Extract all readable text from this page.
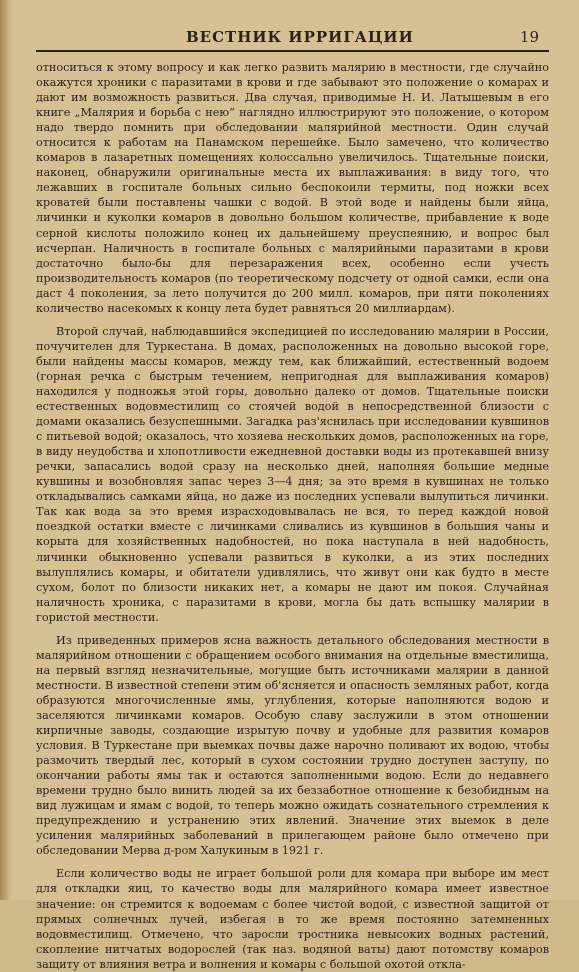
ВЕСТНИК ИРРИГАЦИИ	19

относиться к этому вопросу и как легко развить малярию в местности, где случайно окажутся хроники с паразитами в крови и где забывают это положение о комарах и дают им возможность развиться. Два случая, приводимые Н. И. Латышевым в его книге „Малярия и борьба с нею“ наглядно иллюстрируют это положение, о котором надо твердо помнить при обследовании малярийной местности. Один случай относится к работам на Панамском перешейке. Было замечено, что количество комаров в лазаретных помещениях колоссально увеличилось. Тщательные поиски, наконец, обнаружили оригинальные места их выплаживания: в виду того, что лежавших в госпитале больных сильно беспокоили термиты, под ножки всех кроватей были поставлены чашки с водой. В этой воде и найдены были яйца, личинки и куколки комаров в довольно большом количестве, прибавление к воде серной кислоты положило конец их дальнейшему преуспеянию, и вопрос был исчерпан. Наличность в госпитале больных с малярийными паразитами в крови достаточно было-бы для перезаражения всех, особенно если учесть производительность комаров (по теоретическому подсчету от одной самки, если она даст 4 поколения, за лето получится до 200 милл. комаров, при пяти поколениях количество насекомых к концу лета будет равняться 20 миллиардам).

Второй случай, наблюдавшийся экспедицией по исследованию малярии в России, почучителен для Туркестана. В домах, расположенных на довольно высокой горе, были найдены массы комаров, между тем, как ближайший, естественный водоем (горная речка с быстрым течением, непригодная для выплаживания комаров) находился у подножья этой горы, довольно далеко от домов. Тщательные поиски естественных водовместилищ со стоячей водой в непосредственной близости с домами оказались безуспешными. Загадка раз'яснилась при исследовании кувшинов с питьевой водой; оказалось, что хозяева нескольких домов, расположенных на горе, в виду неудобства и хлопотливости ежедневной доставки воды из протекавшей внизу речки, запасались водой сразу на несколько дней, наполняя большие медные кувшины и возобновляя запас через 3—4 дня; за это время в кувшинах не только откладывались самками яйца, но даже из последних успевали вылупиться личинки. Так как вода за это время израсходовывалась не вся, то перед каждой новой поездкой остатки вместе с личинками сливались из кувшинов в большия чаны и корыта для хозяйственных надобностей, но пока наступала в ней надобность, личинки обыкновенно успевали развиться в куколки, а из этих последних вылуплялись комары, и обитатели удивлялись, что живут они как будто в месте сухом, болот по близости никаких нет, а комары не дают им покоя. Случайная наличность хроника, с паразитами в крови, могла бы дать вспышку малярии в гористой местности.

Из приведенных примеров ясна важность детального обследования местности в малярийном отношении с обращением особого внимания на отдельные вместилища, на первый взгляд незначительные, могущие быть источниками малярии в данной местности. В известной степени этим об'ясняется и опасность земляных работ, когда образуются многочисленные ямы, углубления, которые наполняются водою и заселяются личинками комаров. Особую славу заслужили в этом отношении кирпичные заводы, создающие изрытую почву и удобные для развития комаров условия. В Туркестане при выемках почвы даже нарочно поливают их водою, чтобы размочить твердый лес, который в сухом состоянии трудно доступен заступу, по окончании работы ямы так и остаются заполненными водою. Если до недавнего времени трудно было винить людей за их беззаботное отношение к безобидным на вид лужицам и ямам с водой, то теперь можно ожидать сознательного стремления к предупреждению и устранению этих явлений. Значение этих выемок в деле усиления малярийных заболеваний в прилегающем районе было отмечено при обследовании Мерва д-ром Халукиным в 1921 г.

Если количество воды не играет большой роли для комара при выборе им мест для откладки яиц, то качество воды для малярийного комара имеет известное значение: он стремится к водоемам с более чистой водой, с известной защитой от прямых солнечных лучей, избегая в то же время постоянно затемненных водовместилищ. Отмечено, что заросли тростника невысоких водных растений, скопление нитчатых водорослей (так наз. водяной ваты) дают потомству комаров защиту от влияния ветра и волнения и комары с большой охотой откла-
